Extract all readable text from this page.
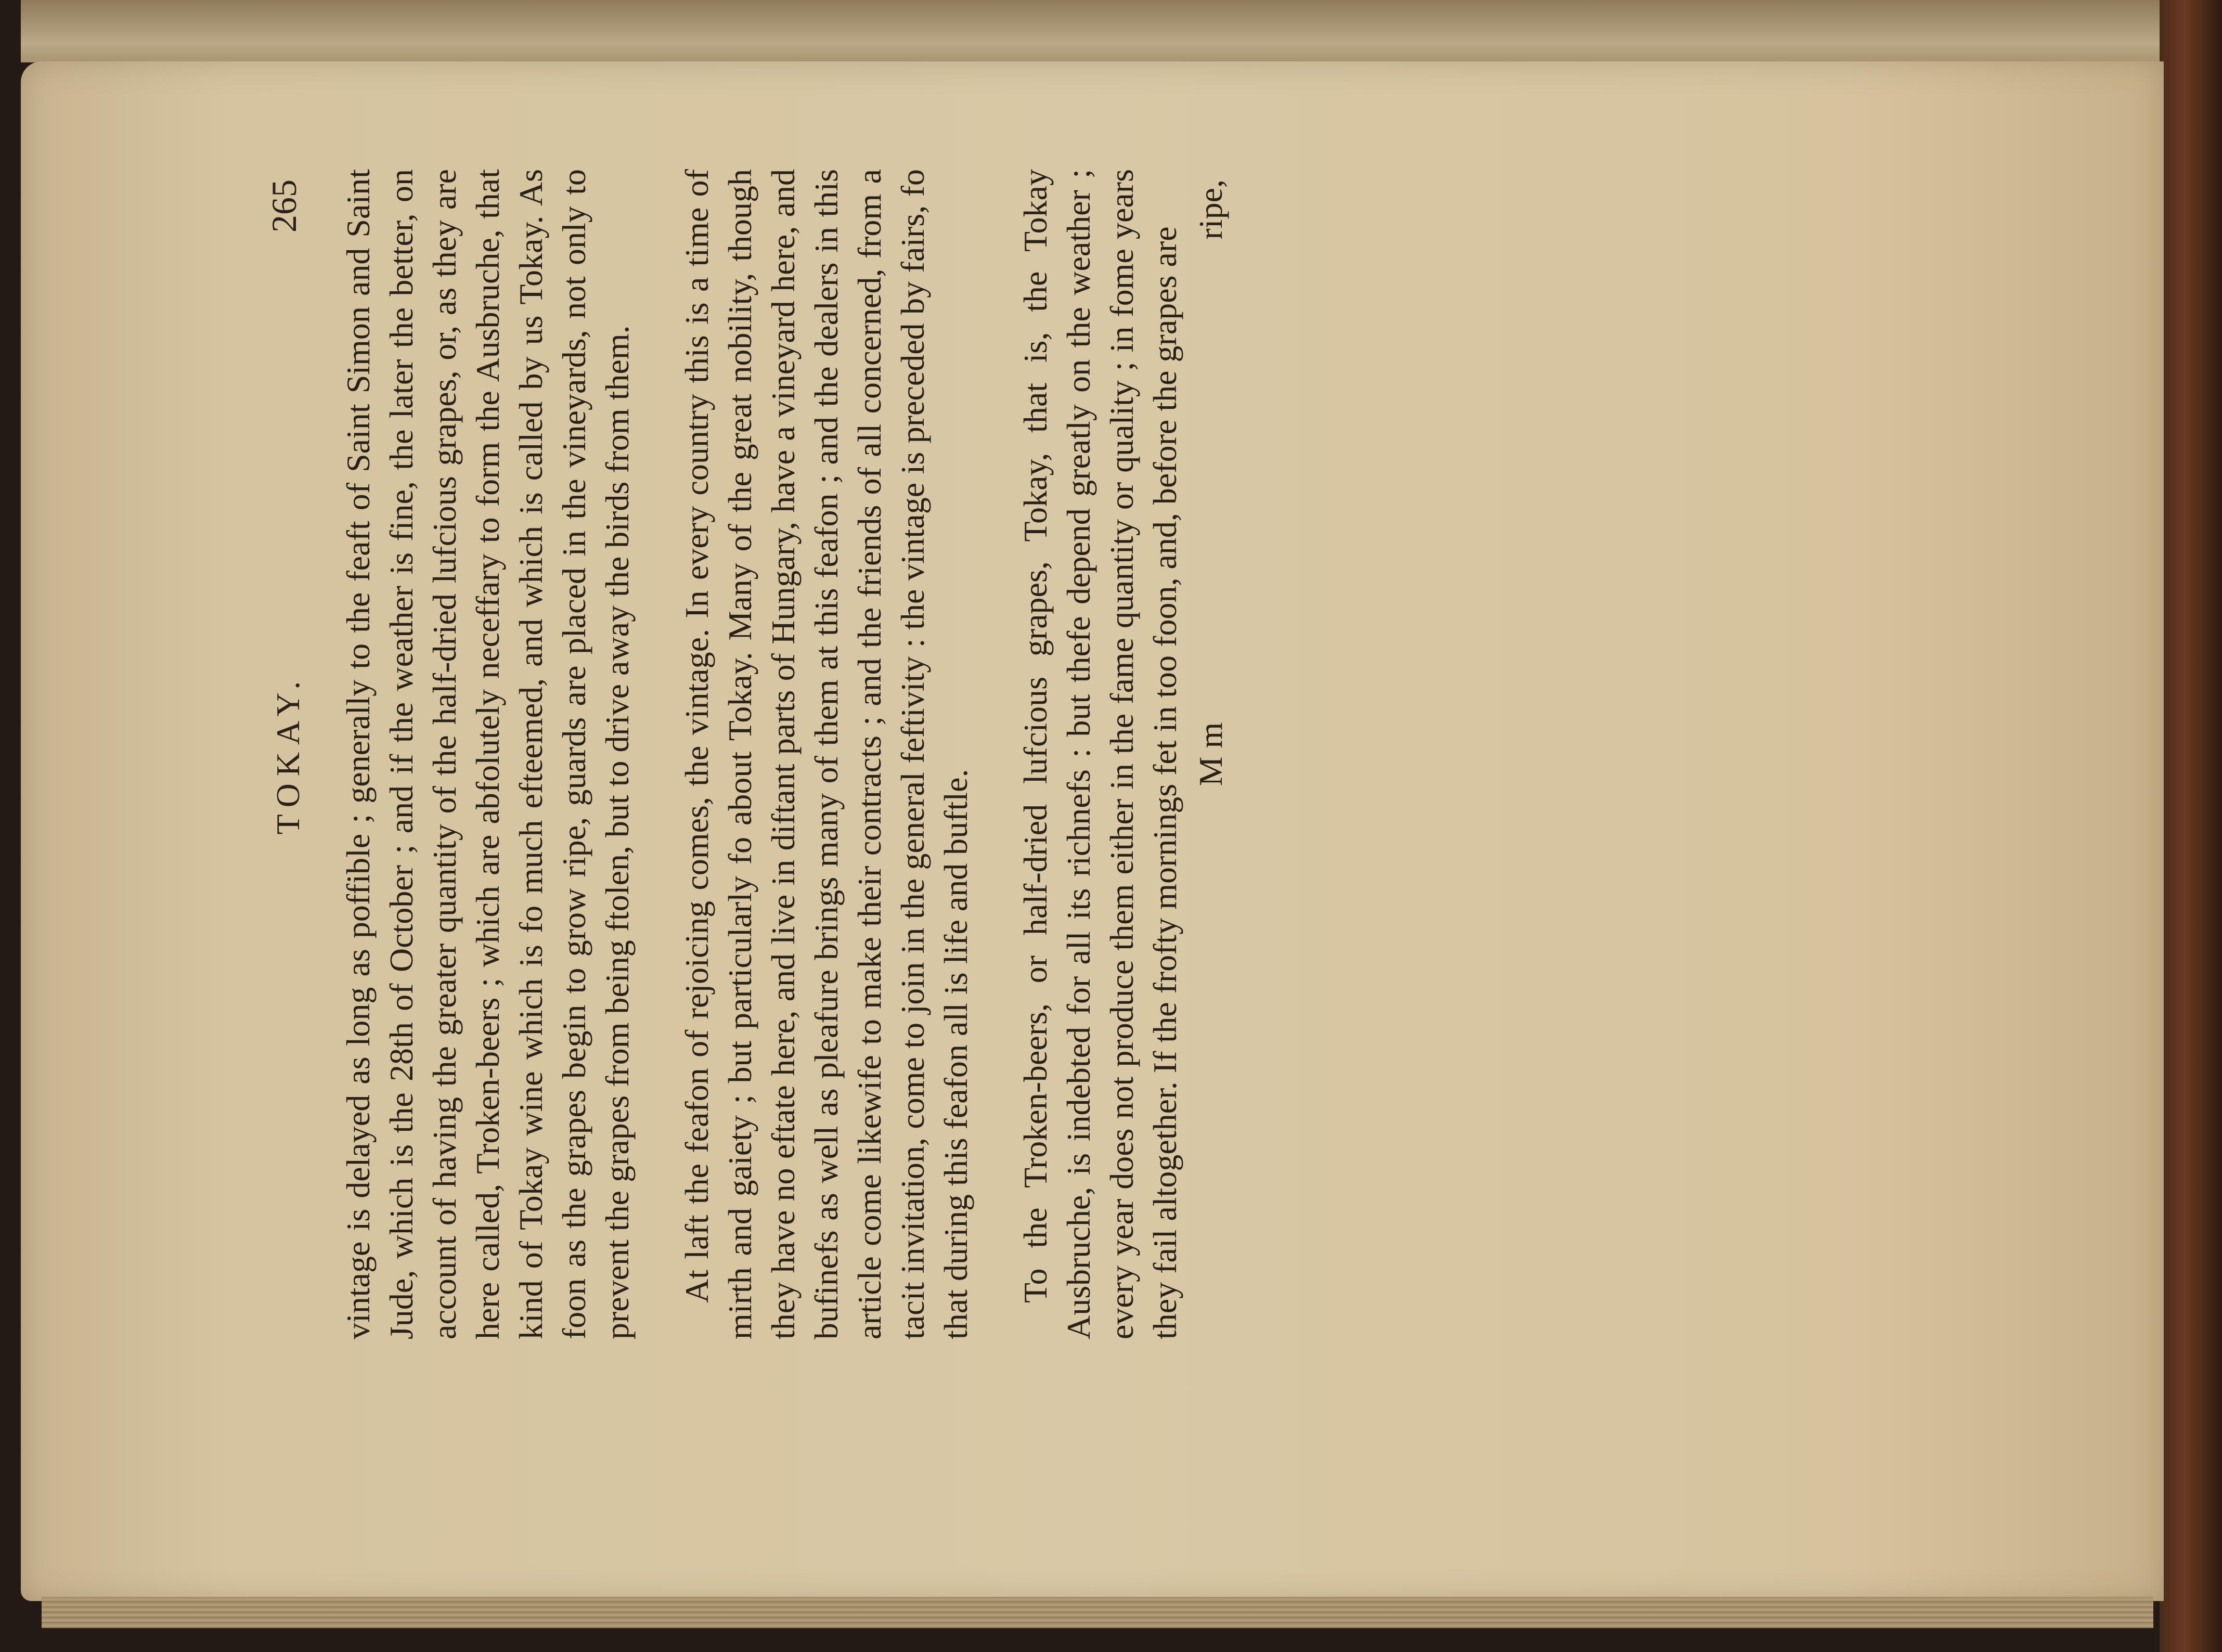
TOKAY.
265 vintage is delayed as long as poffible ; generally to the feaft of Saint Simon and Saint Jude, which is the 28th of October ; and if the weather is fine, the later the better, on account of having the greater quantity of the half-dried lufcious grapes, or, as they are here called, Troken-beers ; which are abfolutely neceffary to form the Ausbruche, that kind of Tokay wine which is fo much efteemed, and which is called by us Tokay. As foon as the grapes begin to grow ripe, guards are placed in the vineyards, not only to prevent the grapes from being ftolen, but to drive away the birds from them. At laft the feafon of rejoicing comes, the vintage. In every country this is a time of mirth and gaiety ; but particularly fo about Tokay. Many of the great nobility, though they have no eftate here, and live in diftant parts of Hungary, have a vineyard here, and bufinefs as well as pleafure brings many of them at this feafon ; and the dealers in this article come likewife to make their contracts ; and the friends of all concerned, from a tacit invitation, come to join in the general feftivity : the vintage is preceded by fairs, fo that during this feafon all is life and buftle. To the Troken-beers, or half-dried lufcious grapes, Tokay, that is, the Tokay Ausbruche, is indebted for all its richnefs : but thefe depend greatly on the weather ; every year does not produce them either in the fame quantity or quality ; in fome years they fail altogether. If the frofty mornings fet in too foon, and, before the grapes are M m
ripe,
